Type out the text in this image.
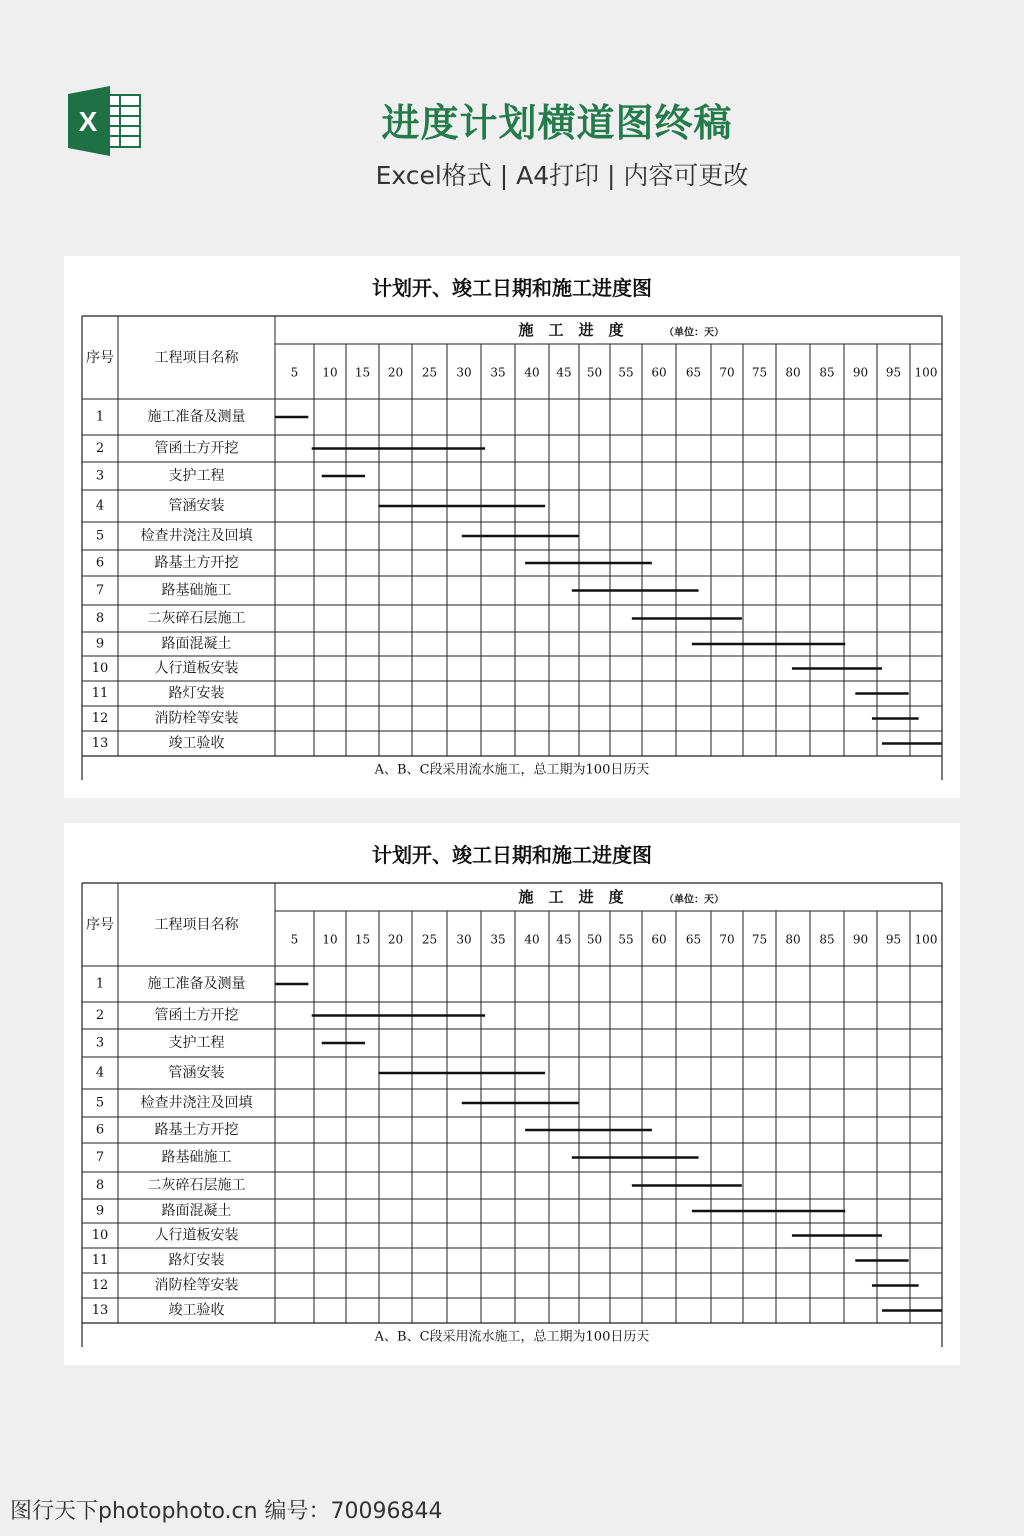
X	进度计划横道图终稿
Excel格式 | A4打印 | 内容可更改
计划开、竣工日期和施工进度图
序号	工程项目名称
施　工　进　度	（单位：天）
5 10 15 20 25 30 35 40 45 50 55 60 65 70 75 80 85 90 95 100
1	施工准备及测量
2	管函土方开挖
3	支护工程
4	管涵安装
5	检查井浇注及回填
6	路基土方开挖
7	路基础施工
8	二灰碎石层施工
9	路面混凝土
10	人行道板安装
11	路灯安装
12	消防栓等安装
13	竣工验收
A、B、C段采用流水施工，总工期为100日历天
计划开、竣工日期和施工进度图
序号	工程项目名称
施　工　进　度	（单位：天）
5 10 15 20 25 30 35 40 45 50 55 60 65 70 75 80 85 90 95 100
1	施工准备及测量
2	管函土方开挖
3	支护工程
4	管涵安装
5	检查井浇注及回填
6	路基土方开挖
7	路基础施工
8	二灰碎石层施工
9	路面混凝土
10	人行道板安装
11	路灯安装
12	消防栓等安装
13	竣工验收
A、B、C段采用流水施工，总工期为100日历天
图行天下photophoto.cn 编号：70096844
